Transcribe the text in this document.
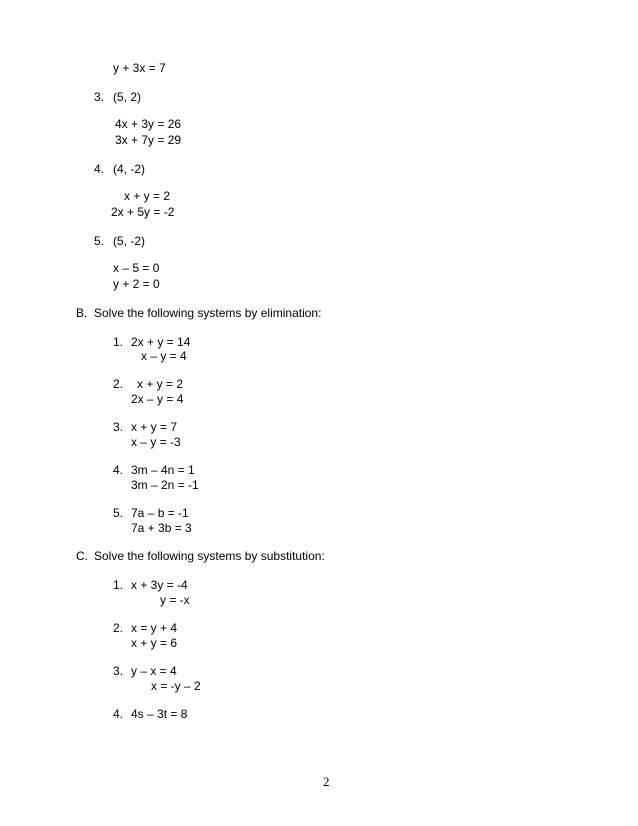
y + 3x = 7
3. (5, 2)
4x + 3y = 26
3x + 7y = 29
4. (4, -2)
x + y = 2
2x + 5y = -2
5. (5, -2)
x – 5 = 0
y + 2 = 0
B. Solve the following systems by elimination:
1. 2x + y = 14
x – y = 4
2. x + y = 2
2x – y = 4
3. x + y = 7
x – y = -3
4. 3m – 4n = 1
3m – 2n = -1
5. 7a – b = -1
7a + 3b = 3
C. Solve the following systems by substitution:
1. x + 3y = -4
y = -x
2. x = y + 4
x + y = 6
3. y – x = 4
x = -y – 2
4. 4s – 3t = 8
2
